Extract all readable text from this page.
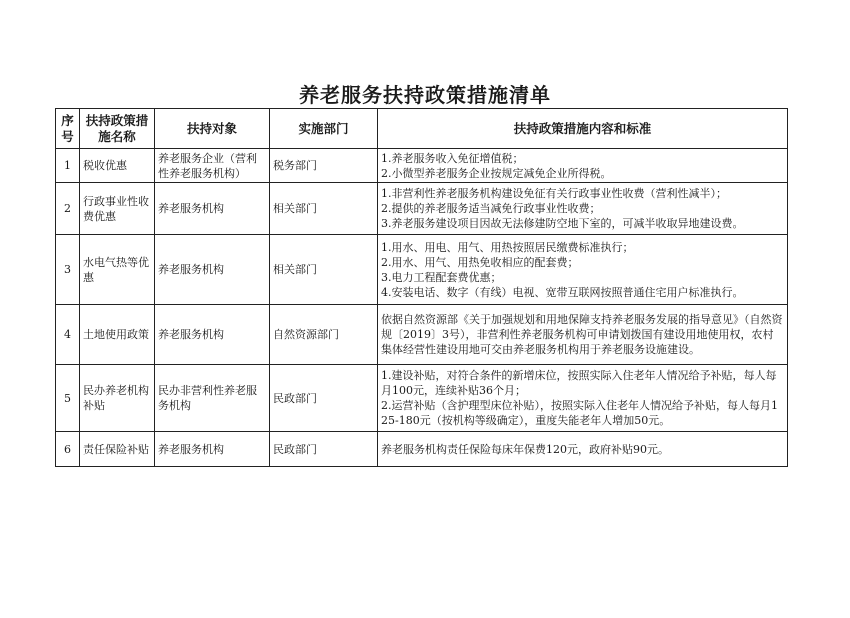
养老服务扶持政策措施清单
序号	扶持政策措施名称	扶持对象	实施部门	扶持政策措施内容和标准
1	税收优惠	养老服务企业（营利性养老服务机构）	税务部门	1.养老服务收入免征增值税；
2.小微型养老服务企业按规定减免企业所得税。

2	行政事业性收费优惠	养老服务机构	相关部门	1.非营利性养老服务机构建设免征有关行政事业性收费（营利性减半）；
2.提供的养老服务适当减免行政事业性收费；
3.养老服务建设项目因故无法修建防空地下室的，可减半收取异地建设费。

3	水电气热等优惠	养老服务机构	相关部门	1.用水、用电、用气、用热按照居民缴费标准执行；
2.用水、用气、用热免收相应的配套费；
3.电力工程配套费优惠；
4.安装电话、数字（有线）电视、宽带互联网按照普通住宅用户标准执行。

4	土地使用政策	养老服务机构	自然资源部门	依据自然资源部《关于加强规划和用地保障支持养老服务发展的指导意见》（自然资规〔2019〕3号），非营利性养老服务机构可申请划拨国有建设用地使用权，农村集体经营性建设用地可交由养老服务机构用于养老服务设施建设。

5	民办养老机构补贴	民办非营利性养老服务机构	民政部门	1.建设补贴，对符合条件的新增床位，按照实际入住老年人情况给予补贴，每人每月100元，连续补贴36个月；
2.运营补贴（含护理型床位补贴），按照实际入住老年人情况给予补贴，每人每月125-180元（按机构等级确定），重度失能老年人增加50元。

6	责任保险补贴	养老服务机构	民政部门	养老服务机构责任保险每床年保费120元，政府补贴90元。
